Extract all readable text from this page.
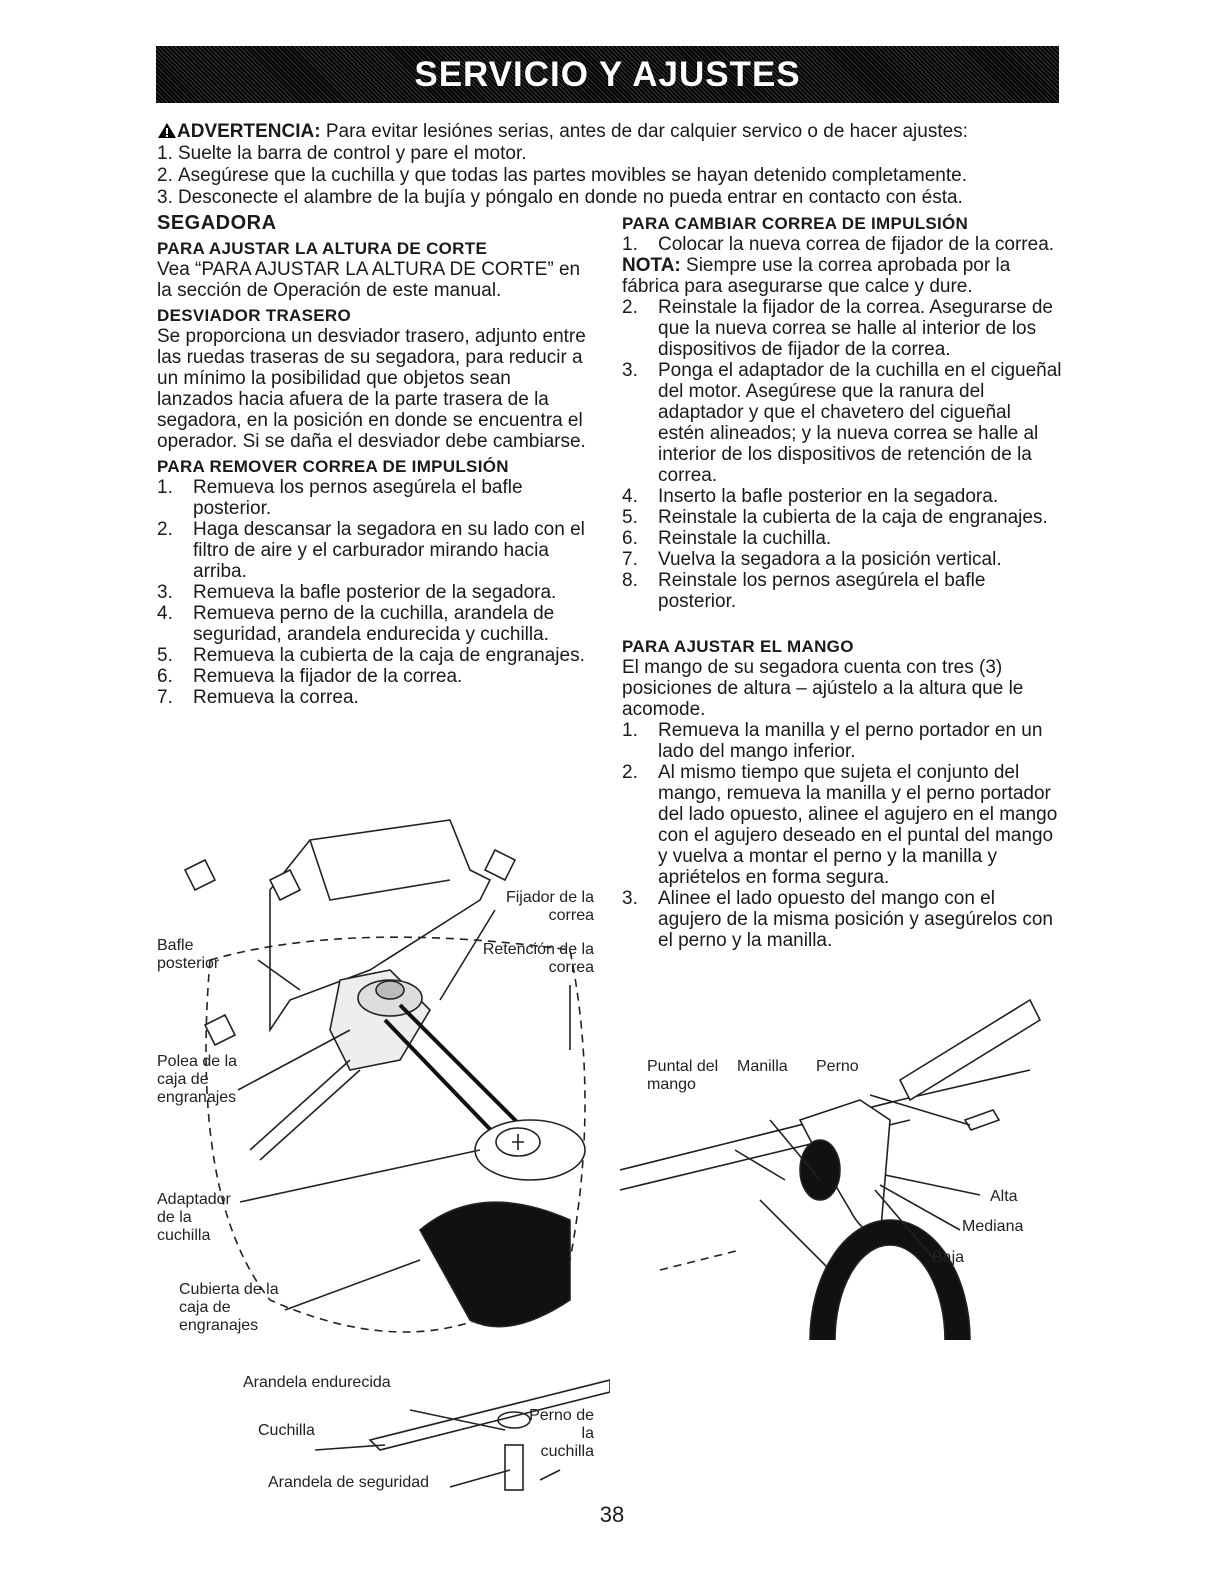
SERVICIO Y AJUSTES
ADVERTENCIA: Para evitar lesiónes serias, antes de dar calquier servico o de hacer ajustes:
1. Suelte la barra de control y pare el motor.
2. Asegúrese que la cuchilla y que todas las partes movibles se hayan detenido completamente.
3. Desconecte el alambre de la bujía y póngalo en donde no pueda entrar en contacto con ésta.
SEGADORA
PARA AJUSTAR LA ALTURA DE CORTE

Vea “PARA AJUSTAR LA ALTURA DE CORTE” en la sección de Operación de este manual.

DESVIADOR TRASERO

Se proporciona un desviador trasero, adjunto entre las ruedas traseras de su segadora, para reducir a un mínimo la posibilidad que objetos sean lanzados hacia afuera de la parte trasera de la segadora, en la posición en donde se encuentra el operador. Si se daña el desviador debe cambiarse.

PARA REMOVER CORREA DE IMPULSIÓN
1. Remueva los pernos asegúrela el bafle posterior.
2. Haga descansar la segadora en su lado con el filtro de aire y el carburador mirando hacia arriba.
3. Remueva la bafle posterior de la segadora.
4. Remueva perno de la cuchilla, arandela de seguridad, arandela endurecida y cuchilla.
5. Remueva la cubierta de la caja de engranajes.
6. Remueva la fijador de la correa.
7. Remueva la correa.
PARA CAMBIAR CORREA DE IMPULSIÓN
1. Colocar la nueva correa de fijador de la correa.

NOTA: Siempre use la correa aprobada por la fábrica para asegurarse que calce y dure.

2. Reinstale la fijador de la correa. Asegurarse de que la nueva correa se halle al interior de los dispositivos de fijador de la correa.
3. Ponga el adaptador de la cuchilla en el cigueñal del motor. Asegúrese que la ranura del adaptador y que el chavetero del cigueñal estén alineados; y la nueva correa se halle al interior de los dispositivos de retención de la correa.
4. Inserto la bafle posterior en la segadora.
5. Reinstale la cubierta de la caja de engranajes.
6. Reinstale la cuchilla.
7. Vuelva la segadora a la posición vertical.
8. Reinstale los pernos asegúrela el bafle posterior.
PARA AJUSTAR EL MANGO

El mango de su segadora cuenta con tres (3) posiciones de altura – ajústelo a la altura que le acomode.

1. Remueva la manilla y el perno portador en un lado del mango inferior.
2. Al mismo tiempo que sujeta el conjunto del mango, remueva la manilla y el perno portador del lado opuesto, alinee el agujero en el mango con el agujero deseado en el puntal del mango y vuelva a montar el perno y la manilla y apriételos en forma segura.
3. Alinee el lado opuesto del mango con el agujero de la misma posición y asegúrelos con el perno y la manilla.
Fijador de la correa
Retención de la correa
Bafle posterior
Polea de la caja de engranajes
Adaptador de la cuchilla
Cubierta de la caja de engranajes
Arandela endurecida
Cuchilla
Arandela de seguridad
Perno de la cuchilla
Puntal del mango
Manilla	Perno
Alta
Mediana
Baja
38
